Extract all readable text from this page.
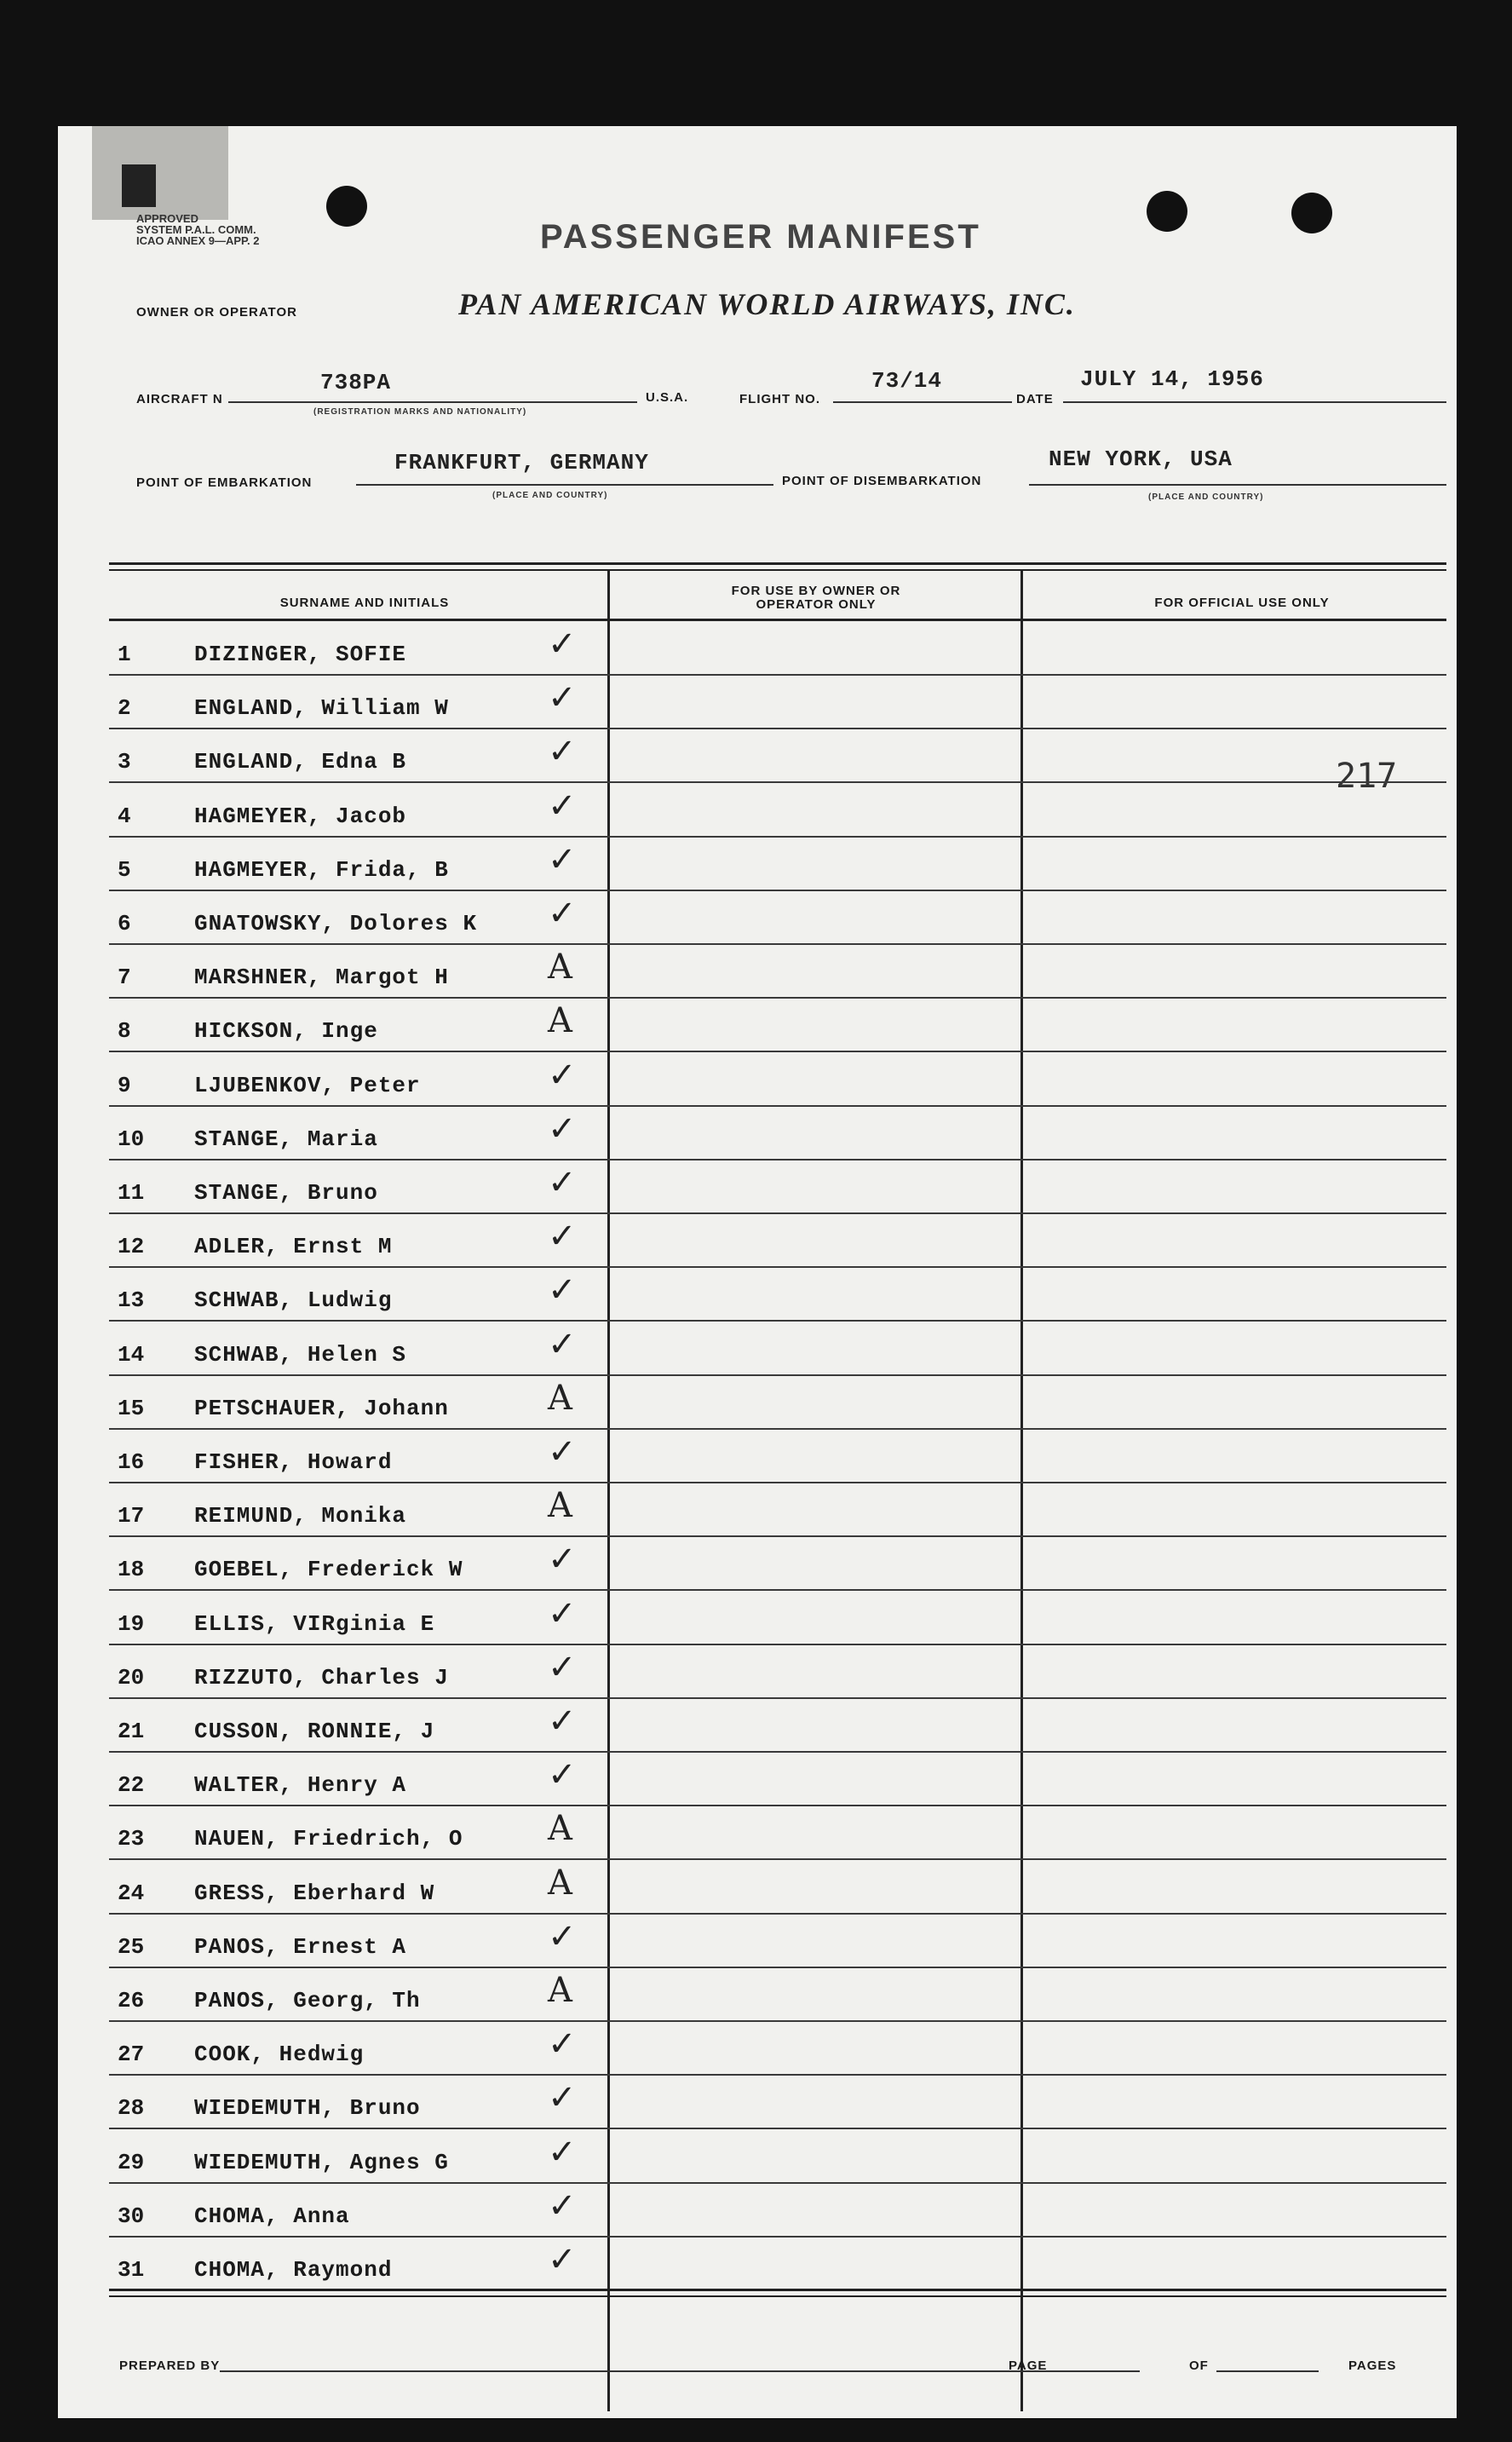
APPROVED
SYSTEM P.A.L. COMM.
ICAO ANNEX 9—APP. 2	PASSENGER MANIFEST
OWNER OR OPERATOR	PAN AMERICAN WORLD AIRWAYS, INC.
AIRCRAFT N
738PA
(REGISTRATION MARKS AND NATIONALITY)
U.S.A.	FLIGHT NO.
73/14
DATE
JULY 14, 1956
POINT OF EMBARKATION
FRANKFURT, GERMANY
(PLACE AND COUNTRY)
POINT OF DISEMBARKATION
NEW YORK, USA
(PLACE AND COUNTRY)
SURNAME AND INITIALS
FOR USE BY OWNER OR OPERATOR ONLY	FOR OFFICIAL USE ONLY
217
1	DIZINGER, SOFIE	✓
2	ENGLAND, William W	✓
3	ENGLAND, Edna B	✓
4	HAGMEYER, Jacob	✓
5	HAGMEYER, Frida, B	✓
6	GNATOWSKY, Dolores K ✓
7	MARSHNER, Margot H	A
8	HICKSON, Inge	A
9	LJUBENKOV, Peter	✓
10 STANGE, Maria	✓
11 STANGE, Bruno	✓
12 ADLER, Ernst M	✓
13 SCHWAB, Ludwig	✓
14 SCHWAB, Helen S	✓
15 PETSCHAUER, Johann	A
16 FISHER, Howard	✓
17 REIMUND, Monika	A
18 GOEBEL, Frederick W ✓
19 ELLIS, VIRginia E	✓
20 RIZZUTO, Charles J	✓
21 CUSSON, RONNIE, J	✓
22 WALTER, Henry A	✓
23 NAUEN, Friedrich, O A
24 GRESS, Eberhard W	A
25 PANOS, Ernest A	✓
26 PANOS, Georg, Th	A
27 COOK, Hedwig	✓
28 WIEDEMUTH, Bruno	✓
29 WIEDEMUTH, Agnes G	✓
30 CHOMA, Anna	✓
31 CHOMA, Raymond	✓
PREPARED BY	PAGE	OF	PAGES
